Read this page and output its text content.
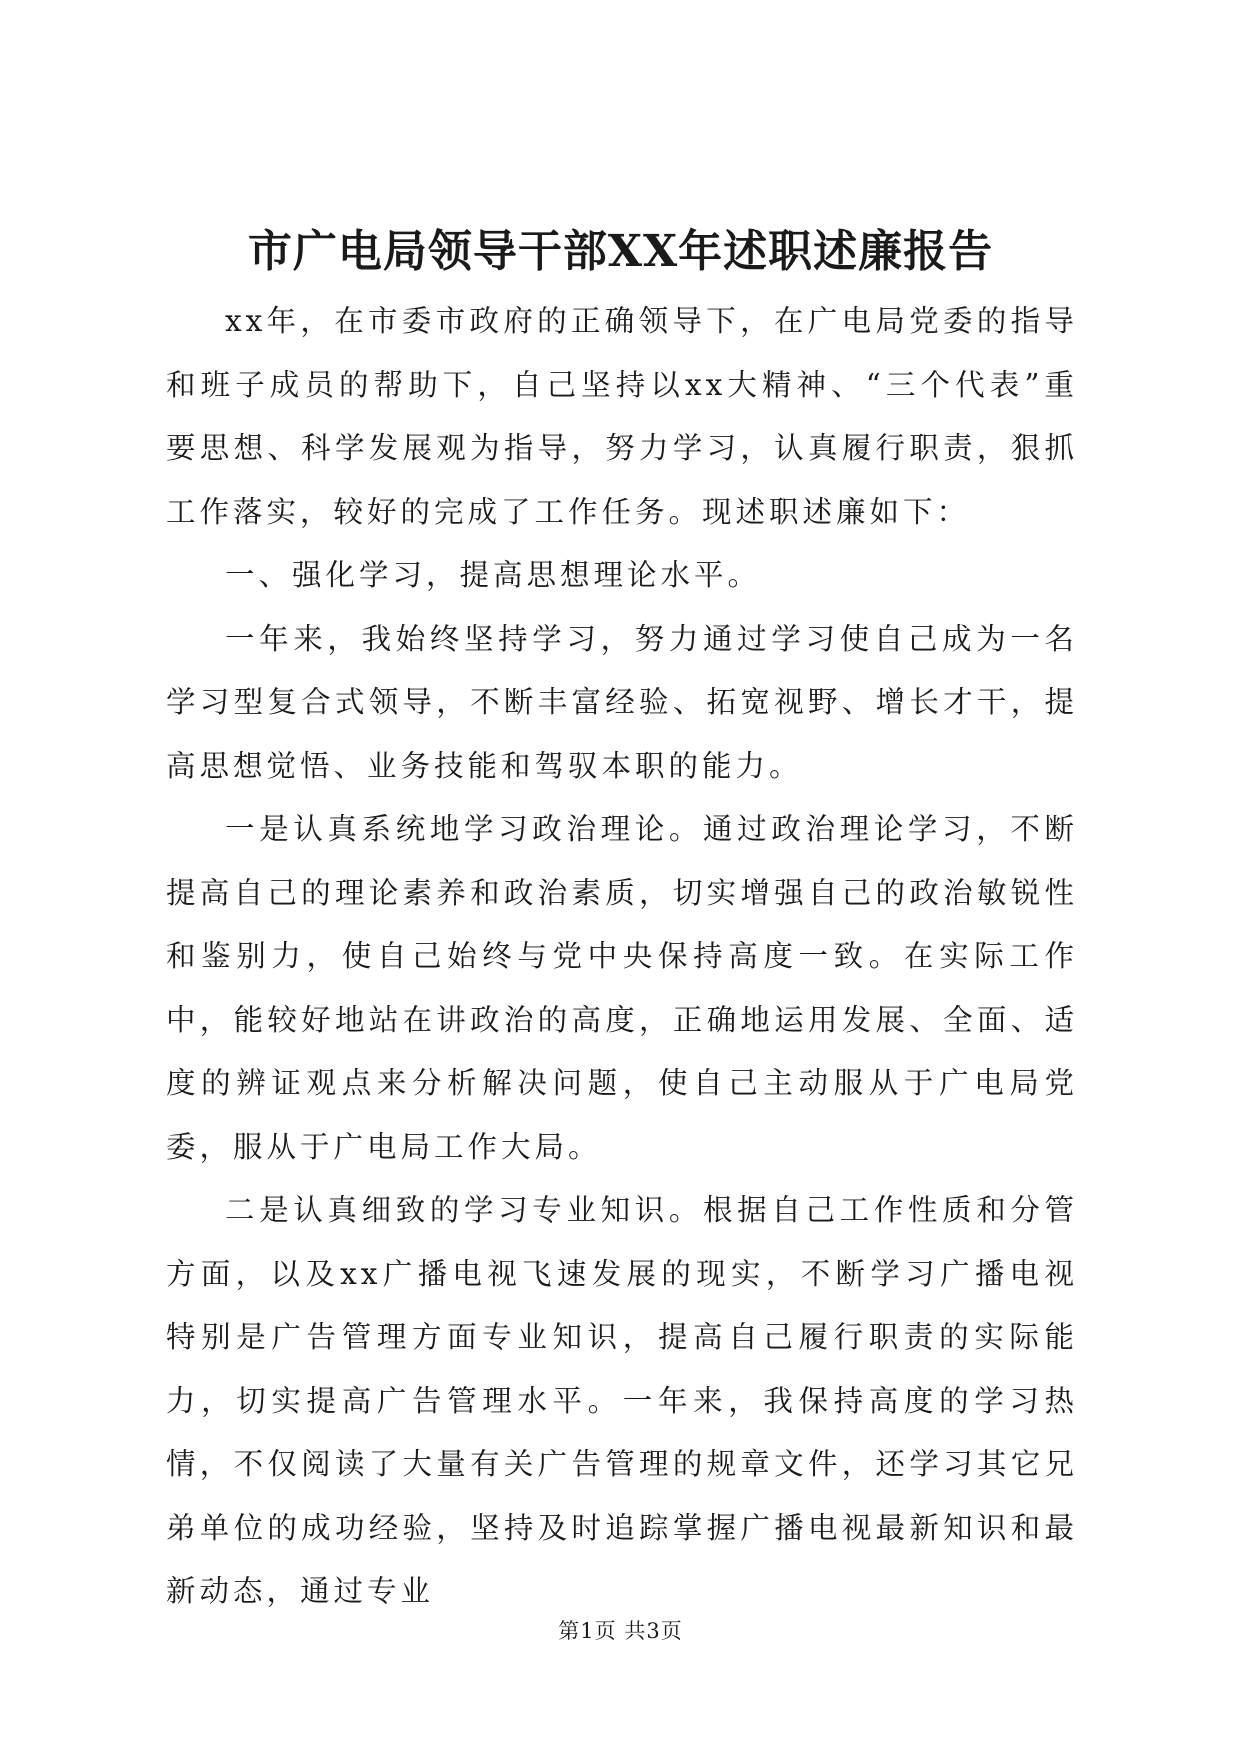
市广电局领导干部XX年述职述廉报告

xx年，在市委市政府的正确领导下，在广电局党委的指导和班子成员的帮助下，自己坚持以xx大精神、“三个代表”重要思想、科学发展观为指导，努力学习，认真履行职责，狠抓工作落实，较好的完成了工作任务。现述职述廉如下：

一、强化学习，提高思想理论水平。

一年来，我始终坚持学习，努力通过学习使自己成为一名学习型复合式领导，不断丰富经验、拓宽视野、增长才干，提高思想觉悟、业务技能和驾驭本职的能力。

一是认真系统地学习政治理论。通过政治理论学习，不断提高自己的理论素养和政治素质，切实增强自己的政治敏锐性和鉴别力，使自己始终与党中央保持高度一致。在实际工作中，能较好地站在讲政治的高度，正确地运用发展、全面、适度的辨证观点来分析解决问题，使自己主动服从于广电局党委，服从于广电局工作大局。

二是认真细致的学习专业知识。根据自己工作性质和分管方面，以及xx广播电视飞速发展的现实，不断学习广播电视特别是广告管理方面专业知识，提高自己履行职责的实际能力，切实提高广告管理水平。一年来，我保持高度的学习热情，不仅阅读了大量有关广告管理的规章文件，还学习其它兄弟单位的成功经验，坚持及时追踪掌握广播电视最新知识和最新动态，通过专业

第1页 共3页
